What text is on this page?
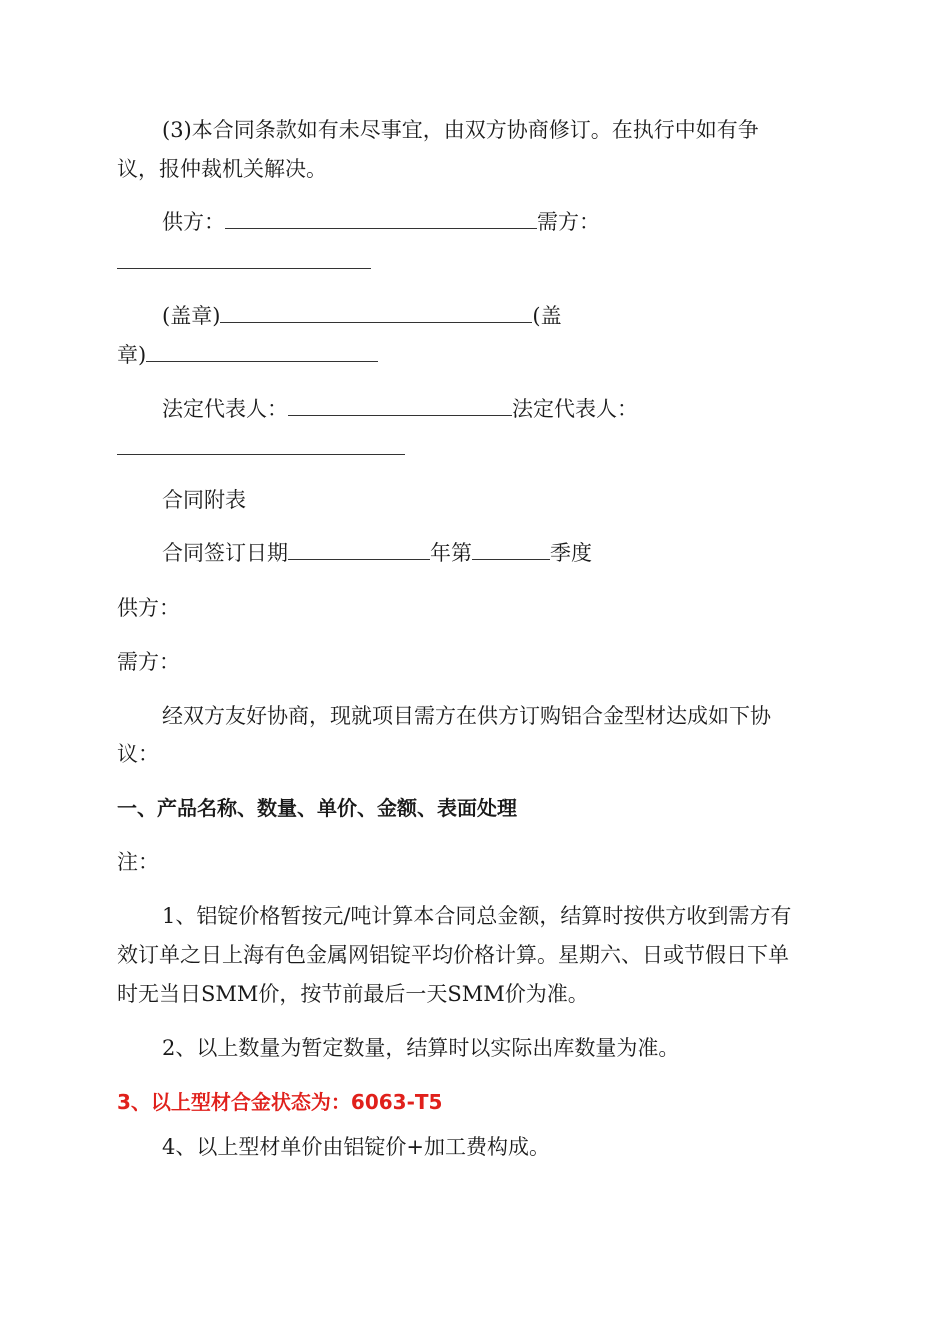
(3)本合同条款如有未尽事宜，由双方协商修订。在执行中如有争
议，报仲裁机关解决。
供方：	需方：
(盖章)	(盖
章)
法定代表人：	法定代表人：
合同附表
合同签订日期	年第	季度
供方：
需方：
经双方友好协商，现就项目需方在供方订购铝合金型材达成如下协
议：
一、产品名称、数量、单价、金额、表面处理
注：
1、铝锭价格暂按元/吨计算本合同总金额，结算时按供方收到需方有
效订单之日上海有色金属网铝锭平均价格计算。星期六、日或节假日下单
时无当日SMM价，按节前最后一天SMM价为准。
2、以上数量为暂定数量，结算时以实际出库数量为准。
3、以上型材合金状态为：6063-T5
4、以上型材单价由铝锭价+加工费构成。
